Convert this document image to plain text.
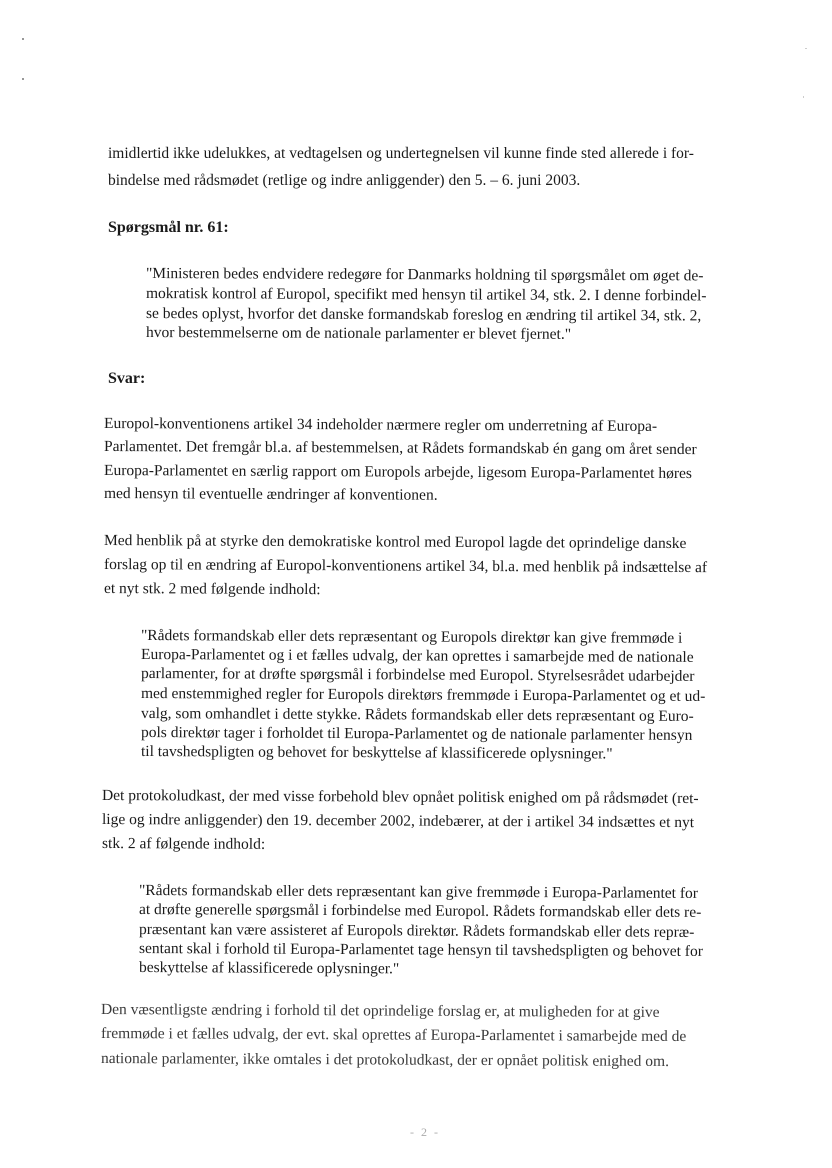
imidlertid ikke udelukkes, at vedtagelsen og undertegnelsen vil kunne finde sted allerede i for-
bindelse med rådsmødet (retlige og indre anliggender) den 5. – 6. juni 2003.
Spørgsmål nr. 61:
"Ministeren bedes endvidere redegøre for Danmarks holdning til spørgsmålet om øget de-
mokratisk kontrol af Europol, specifikt med hensyn til artikel 34, stk. 2. I denne forbindel-
se bedes oplyst, hvorfor det danske formandskab foreslog en ændring til artikel 34, stk. 2,
hvor bestemmelserne om de nationale parlamenter er blevet fjernet."
Svar:
Europol-konventionens artikel 34 indeholder nærmere regler om underretning af Europa-
Parlamentet. Det fremgår bl.a. af bestemmelsen, at Rådets formandskab én gang om året sender
Europa-Parlamentet en særlig rapport om Europols arbejde, ligesom Europa-Parlamentet høres
med hensyn til eventuelle ændringer af konventionen.
Med henblik på at styrke den demokratiske kontrol med Europol lagde det oprindelige danske
forslag op til en ændring af Europol-konventionens artikel 34, bl.a. med henblik på indsættelse af
et nyt stk. 2 med følgende indhold:
"Rådets formandskab eller dets repræsentant og Europols direktør kan give fremmøde i
Europa-Parlamentet og i et fælles udvalg, der kan oprettes i samarbejde med de nationale
parlamenter, for at drøfte spørgsmål i forbindelse med Europol. Styrelsesrådet udarbejder
med enstemmighed regler for Europols direktørs fremmøde i Europa-Parlamentet og et ud-
valg, som omhandlet i dette stykke. Rådets formandskab eller dets repræsentant og Euro-
pols direktør tager i forholdet til Europa-Parlamentet og de nationale parlamenter hensyn
til tavshedspligten og behovet for beskyttelse af klassificerede oplysninger."
Det protokoludkast, der med visse forbehold blev opnået politisk enighed om på rådsmødet (ret-
lige og indre anliggender) den 19. december 2002, indebærer, at der i artikel 34 indsættes et nyt
stk. 2 af følgende indhold:
"Rådets formandskab eller dets repræsentant kan give fremmøde i Europa-Parlamentet for
at drøfte generelle spørgsmål i forbindelse med Europol. Rådets formandskab eller dets re-
præsentant kan være assisteret af Europols direktør. Rådets formandskab eller dets repræ-
sentant skal i forhold til Europa-Parlamentet tage hensyn til tavshedspligten og behovet for
beskyttelse af klassificerede oplysninger."
Den væsentligste ændring i forhold til det oprindelige forslag er, at muligheden for at give
fremmøde i et fælles udvalg, der evt. skal oprettes af Europa-Parlamentet i samarbejde med de
nationale parlamenter, ikke omtales i det protokoludkast, der er opnået politisk enighed om.
- 2 -
